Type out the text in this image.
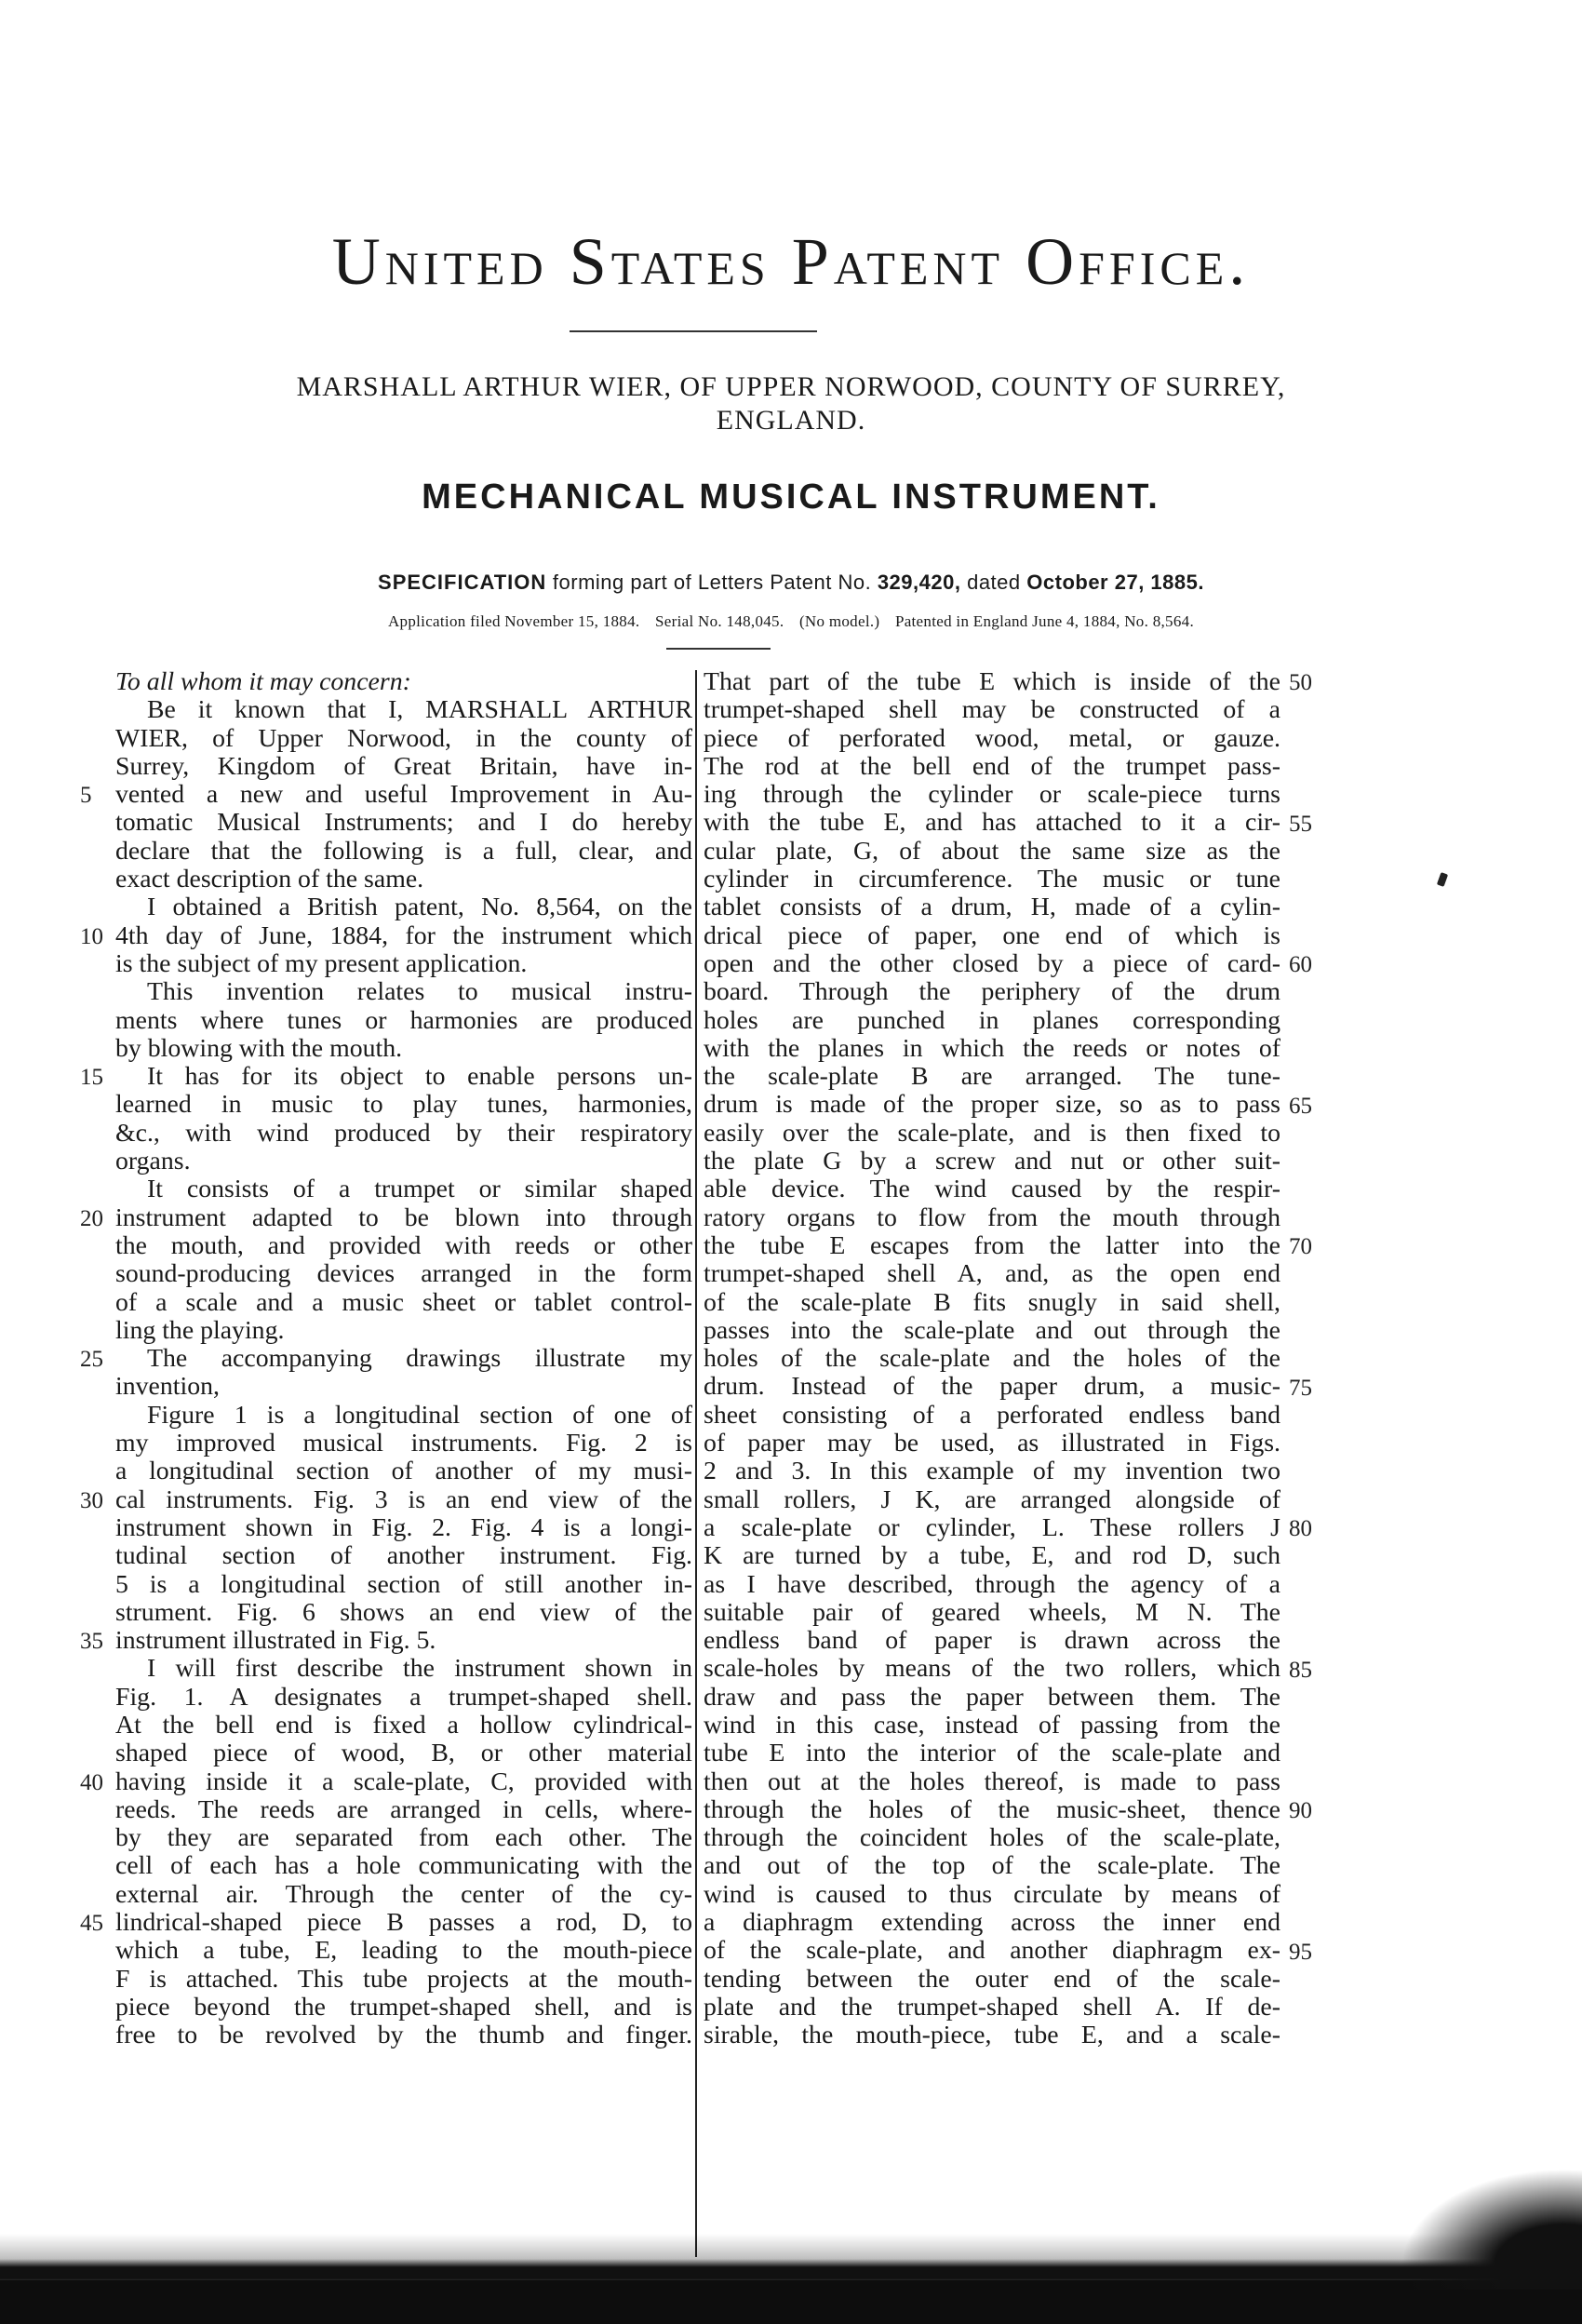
United States Patent Office.
MARSHALL ARTHUR WIER, OF UPPER NORWOOD, COUNTY OF SURREY,
ENGLAND.
MECHANICAL MUSICAL INSTRUMENT.
SPECIFICATION forming part of Letters Patent No. 329,420, dated October 27, 1885.
Application filed November 15, 1884. Serial No. 148,045. (No model.) Patented in England June 4, 1884, No. 8,564.
To all whom it may concern:
Be it known that I, MARSHALL ARTHUR
WIER, of Upper Norwood, in the county of
Surrey, Kingdom of Great Britain, have in-
vented a new and useful Improvement in Au-
tomatic Musical Instruments; and I do hereby
declare that the following is a full, clear, and
exact description of the same.
I obtained a British patent, No. 8,564, on the
4th day of June, 1884, for the instrument which
is the subject of my present application.
This invention relates to musical instru-
ments where tunes or harmonies are produced
by blowing with the mouth.
It has for its object to enable persons un-
learned in music to play tunes, harmonies,
&c., with wind produced by their respiratory
organs.
It consists of a trumpet or similar shaped
instrument adapted to be blown into through
the mouth, and provided with reeds or other
sound-producing devices arranged in the form
of a scale and a music sheet or tablet control-
ling the playing.
The accompanying drawings illustrate my
invention,
Figure 1 is a longitudinal section of one of
my improved musical instruments. Fig. 2 is
a longitudinal section of another of my musi-
cal instruments. Fig. 3 is an end view of the
instrument shown in Fig. 2. Fig. 4 is a longi-
tudinal section of another instrument. Fig.
5 is a longitudinal section of still another in-
strument. Fig. 6 shows an end view of the
instrument illustrated in Fig. 5.
I will first describe the instrument shown in
Fig. 1. A designates a trumpet-shaped shell.
At the bell end is fixed a hollow cylindrical-
shaped piece of wood, B, or other material
having inside it a scale-plate, C, provided with
reeds. The reeds are arranged in cells, where-
by they are separated from each other. The
cell of each has a hole communicating with the
external air. Through the center of the cy-
lindrical-shaped piece B passes a rod, D, to
which a tube, E, leading to the mouth-piece
F is attached. This tube projects at the mouth-
piece beyond the trumpet-shaped shell, and is
free to be revolved by the thumb and finger.
That part of the tube E which is inside of the
trumpet-shaped shell may be constructed of a
piece of perforated wood, metal, or gauze.
The rod at the bell end of the trumpet pass-
ing through the cylinder or scale-piece turns
with the tube E, and has attached to it a cir-
cular plate, G, of about the same size as the
cylinder in circumference. The music or tune
tablet consists of a drum, H, made of a cylin-
drical piece of paper, one end of which is
open and the other closed by a piece of card-
board. Through the periphery of the drum
holes are punched in planes corresponding
with the planes in which the reeds or notes of
the scale-plate B are arranged. The tune-
drum is made of the proper size, so as to pass
easily over the scale-plate, and is then fixed to
the plate G by a screw and nut or other suit-
able device. The wind caused by the respir-
ratory organs to flow from the mouth through
the tube E escapes from the latter into the
trumpet-shaped shell A, and, as the open end
of the scale-plate B fits snugly in said shell,
passes into the scale-plate and out through the
holes of the scale-plate and the holes of the
drum. Instead of the paper drum, a music-
sheet consisting of a perforated endless band
of paper may be used, as illustrated in Figs.
2 and 3. In this example of my invention two
small rollers, J K, are arranged alongside of
a scale-plate or cylinder, L. These rollers J
K are turned by a tube, E, and rod D, such
as I have described, through the agency of a
suitable pair of geared wheels, M N. The
endless band of paper is drawn across the
scale-holes by means of the two rollers, which
draw and pass the paper between them. The
wind in this case, instead of passing from the
tube E into the interior of the scale-plate and
then out at the holes thereof, is made to pass
through the holes of the music-sheet, thence
through the coincident holes of the scale-plate,
and out of the top of the scale-plate. The
wind is caused to thus circulate by means of
a diaphragm extending across the inner end
of the scale-plate, and another diaphragm ex-
tending between the outer end of the scale-
plate and the trumpet-shaped shell A. If de-
sirable, the mouth-piece, tube E, and a scale-
5
10
15
20
25
30
35
40
45
50
55
60
65
70
75
80
85
90
95
